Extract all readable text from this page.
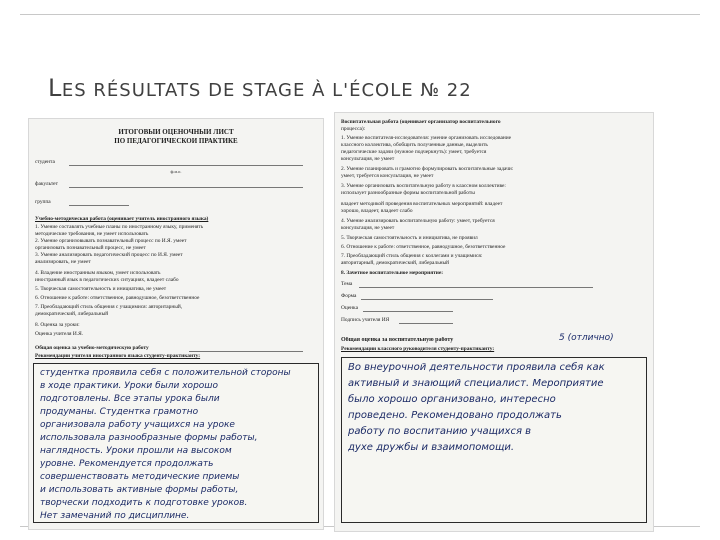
LES RÉSULTATS DE STAGE À L'ÉCOLE № 22
ИТОГОВЫЙ ОЦЕНОЧНЫЙ ЛИСТ
ПО ПЕДАГОГИЧЕСКОЙ ПРАКТИКЕ
студента
ф.и.о.
факультет
группа
Учебно-методическая работа (оценивает учитель иностранного языка)
1. Умение составлять учебные планы по иностранному языку, применять
методические требования, не умеет использовать
2. Умение организовывать познавательный процесс по И.Я. умеет
организовать познавательный процесс, не умеет
3. Умение анализировать педагогический процесс по И.Я. умеет
анализировать, не умеет
4. Владение иностранным языком, умеет использовать
иностранный язык в педагогических ситуациях, владеет слабо
5. Творческая самостоятельность и инициатива, не умеет
6. Отношение к работе: ответственное, равнодушное, безответственное
7. Преобладающий стиль общения с учащимися: авторитарный,
демократический, либеральный
8. Оценка за уроки:
Оценка учителя И.Я.
Общая оценка за учебно-методическую работу
Рекомендации учителя иностранного языка студенту-практиканту:
студентка проявила себя с положительной стороны
в ходе практики. Уроки были хорошо
подготовлены. Все этапы урока были
продуманы. Студентка грамотно
организовала работу учащихся на уроке
использовала разнообразные формы работы,
наглядность. Уроки прошли на высоком
уровне. Рекомендуется продолжать
совершенствовать методические приемы
и использовать активные формы работы,
творчески подходить к подготовке уроков.
Нет замечаний по дисциплине.
Воспитательная работа (оценивает организатор воспитательного
процесса):
1. Умение воспитателя-исследователя: умение организовать исследование
классного коллектива, обобщить полученные данные, выделить
педагогические задачи (нужное подчеркнуть): умеет, требуется
консультация, не умеет
2. Умение планировать и грамотно формулировать воспитательные задачи:
умеет, требуется консультация, не умеет
3. Умение организовать воспитательную работу в классном коллективе:
использует разнообразные формы воспитательной работы
владеет методикой проведения воспитательных мероприятий: владеет
хорошо, владеет, владеет слабо
4. Умение анализировать воспитательную работу: умеет, требуется
консультация, не умеет
5. Творческая самостоятельность и инициатива, не проявил
6. Отношение к работе: ответственное, равнодушное, безответственное
7. Преобладающий стиль общения с коллегами и учащимися:
авторитарный, демократический, либеральный
8. Зачетное воспитательное мероприятие:
Тема
Форма
Оценка
Подпись учителя ИЯ
Общая оценка за воспитательную работу	5 (отлично)
Рекомендации классного руководителя студенту-практиканту:
Во внеурочной деятельности проявила себя как
активный и знающий специалист. Мероприятие
было хорошо организовано, интересно
проведено. Рекомендовано продолжать
работу по воспитанию учащихся в
духе дружбы и взаимопомощи.
